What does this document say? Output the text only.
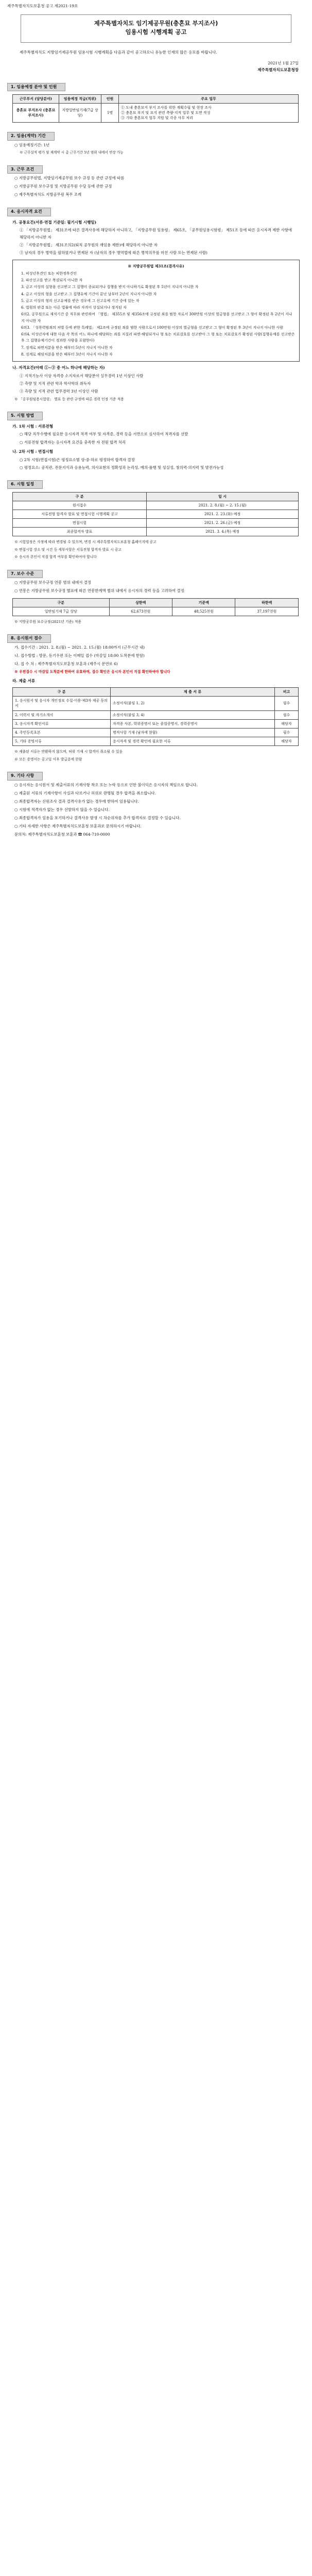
제주특별자치도보훈청 공고 제2021-19호
제주특별자치도 임기제공무원(충혼묘 부지조사)
임용시험 시행계획 공고

제주특별자치도 지방임기제공무원 임용시험 시행계획을 다음과 같이 공고하오니 유능한 인재의 많은 응모를 바랍니다.

2021년 1월 27일
제주특별자치도보훈청장
1. 임용예정 분야 및 인원
근무부서 (담당분야)	임용예정 직급(직위)	인원	주요 업무
충혼묘 부지조사 (충혼묘 부지조사)	지방일반임기제(7급 상당)	1명	① 도내 충혼묘지 부지 조사를 위한 계획수립 및 현장 조사
② 충혼묘 부지 및 묘지 관련 측량·지적 업무 및 도면 작성
③ 기타 충혼묘지 업무 지원 및 각종 사무 처리
2. 임용(계약) 기간

○ 임용예정기간: 1년

※ 근무실적 평가 및 재계약 시 총 근무기간 5년 범위 내에서 연장 가능

3. 근무 조건

○ 지방공무원법, 지방임기제공무원 보수 규정 등 관련 규정에 따름

○ 지방공무원 보수규정 및 지방공무원 수당 등에 관한 규정

○ 제주특별자치도 지방공무원 복무 조례

4. 응시자격 요건
가. 공통요건(서류·면접 기준일: 필기시험 시행일)

① 「지방공무원법」 제31조에 따른 결격사유에 해당하지 아니하고, 「지방공무원 임용령」 제65조, 「공무원임용시험령」 제51조 등에 따른 응시자격 제한 사항에 해당하지 아니한 자

② 「지방공무원법」 제31조의2(퇴직 공무원의 재임용 제한)에 해당하지 아니한 자

③ 남자의 경우 병역을 필하였거나 면제된 자 (남자의 경우 병역법에 따른 병역의무를 마친 사람 또는 면제된 사람)

※ 지방공무원법 제31조(결격사유)
1. 피성년후견인 또는 피한정후견인
2. 파산선고를 받고 복권되지 아니한 자
3. 금고 이상의 실형을 선고받고 그 집행이 종료되거나 집행을 받지 아니하기로 확정된 후 5년이 지나지 아니한 자
4. 금고 이상의 형을 선고받고 그 집행유예 기간이 끝난 날부터 2년이 지나지 아니한 자
5. 금고 이상의 형의 선고유예를 받은 경우에 그 선고유예 기간 중에 있는 자
6. 법원의 판결 또는 다른 법률에 따라 자격이 상실되거나 정지된 자
6의2. 공무원으로 재직기간 중 직무와 관련하여 「형법」 제355조 및 제356조에 규정된 죄를 범한 자로서 300만원 이상의 벌금형을 선고받고 그 형이 확정된 후 2년이 지나지 아니한 자
6의3. 「성폭력범죄의 처벌 등에 관한 특례법」 제2조에 규정된 죄를 범한 사람으로서 100만원 이상의 벌금형을 선고받고 그 형이 확정된 후 3년이 지나지 아니한 사람
6의4. 미성년자에 대한 다음 각 목의 어느 하나에 해당하는 죄를 저질러 파면·해임되거나 형 또는 치료감호를 선고받아 그 형 또는 치료감호가 확정된 사람(집행유예를 선고받은 후 그 집행유예기간이 경과한 사람을 포함한다)
7. 징계로 파면처분을 받은 때부터 5년이 지나지 아니한 자
8. 징계로 해임처분을 받은 때부터 3년이 지나지 아니한 자
나. 자격요건(아래 ①~③ 중 어느 하나에 해당하는 자)

① 지적기능사 이상 자격증 소지자로서 해당분야 실무경력 1년 이상인 사람

② 측량 및 지적 관련 학과 학사학위 취득자

③ 측량 및 지적 관련 업무경력 3년 이상인 사람

※ 「공무원임용시험령」 별표 등 관련 규정에 따른 경력 인정 기준 적용

5. 시험 방법
가. 1차 시험 : 서류전형

○ 해당 직무수행에 필요한 응시자격 적격 여부 및 자격증, 경력 등을 서면으로 심사하여 적격자를 선발

○ 서류전형 합격자는 응시자격 요건을 충족한 자 전원 합격 처리

나. 2차 시험 : 면접시험

○ 2차 시험(면접시험)은 평정요소별 상·중·하로 평정하여 합격자 결정

○ 평정요소: 공직관, 전문지식과 응용능력, 의사표현의 정확성과 논리성, 예의·품행 및 성실성, 창의력·의지력 및 발전가능성

6. 시험 일정
구 분	일 시
원서접수	2021. 2. 8.(월) ~ 2. 15.(월)
서류전형 합격자 발표 및 면접시험 시행계획 공고	2021. 2. 23.(화) 예정
면접시험	2021. 2. 26.(금) 예정
최종합격자 발표	2021. 3. 4.(목) 예정

※ 시험일정은 사정에 따라 변경될 수 있으며, 변경 시 제주특별자치도보훈청 홈페이지에 공고

※ 면접시험 장소 및 시간 등 세부사항은 서류전형 합격자 발표 시 공고

※ 응시자 본인이 직접 합격 여부를 확인하여야 합니다

7. 보수 수준

○ 지방공무원 보수규정 연봉 범위 내에서 결정

○ 연봉은 지방공무원 보수규정 별표에 따른 연봉한계액 범위 내에서 응시자의 경력 등을 고려하여 결정

구분	상한액	기준액	하한액
일반임기제 7급 상당	62,673천원	48,525천원	37,197천원

※ 지방공무원 보수규정(2021년 기준) 적용

8. 응시원서 접수

가. 접수기간 : 2021. 2. 8.(월) ~ 2021. 2. 15.(월) 18:00까지 (근무시간 내)

나. 접수방법 : 방문, 등기우편 또는 이메일 접수 (마감일 18:00 도착분에 한함)

다. 접 수 처 : 제주특별자치도보훈청 보훈과 (제주시 문연로 6)

※ 우편접수 시 마감일 도착분에 한하여 유효하며, 접수 확인은 응시자 본인이 직접 확인하여야 합니다

라. 제출 서류
구 분	제 출 서 류	비고
1. 응시원서 및 응시자 개인정보 수집·이용·제3자 제공 동의서	소정서식(붙임 1, 2)	필수
2. 이력서 및 자기소개서	소정서식(붙임 3, 4)	필수
3. 응시자격 확인서류	자격증 사본, 학위증명서 또는 졸업증명서, 경력증명서	해당자
4. 주민등록초본	병적사항 기재 (남자에 한함)	필수
5. 기타 증빙서류	응시자격 및 경력 확인에 필요한 서류	해당자

※ 제출된 서류는 반환하지 않으며, 허위 기재 시 합격이 취소될 수 있음

※ 모든 증명서는 공고일 이후 발급분에 한함

9. 기타 사항

○ 응시자는 응시원서 및 제출서류의 기재사항 착오 또는 누락 등으로 인한 불이익은 응시자의 책임으로 합니다.

○ 제출된 서류의 기재사항이 사실과 다르거나 허위로 판명될 경우 합격을 취소합니다.

○ 최종합격자는 신원조사 결과 결격사유가 없는 경우에 한하여 임용됩니다.

○ 시험에 적격자가 없는 경우 선발하지 않을 수 있습니다.

○ 최종합격자가 임용을 포기하거나 결격사유 발생 시 차순위자를 추가 합격자로 결정할 수 있습니다.

○ 기타 자세한 사항은 제주특별자치도보훈청 보훈과로 문의하시기 바랍니다.

문의처: 제주특별자치도보훈청 보훈과 ☎ 064-710-0000
